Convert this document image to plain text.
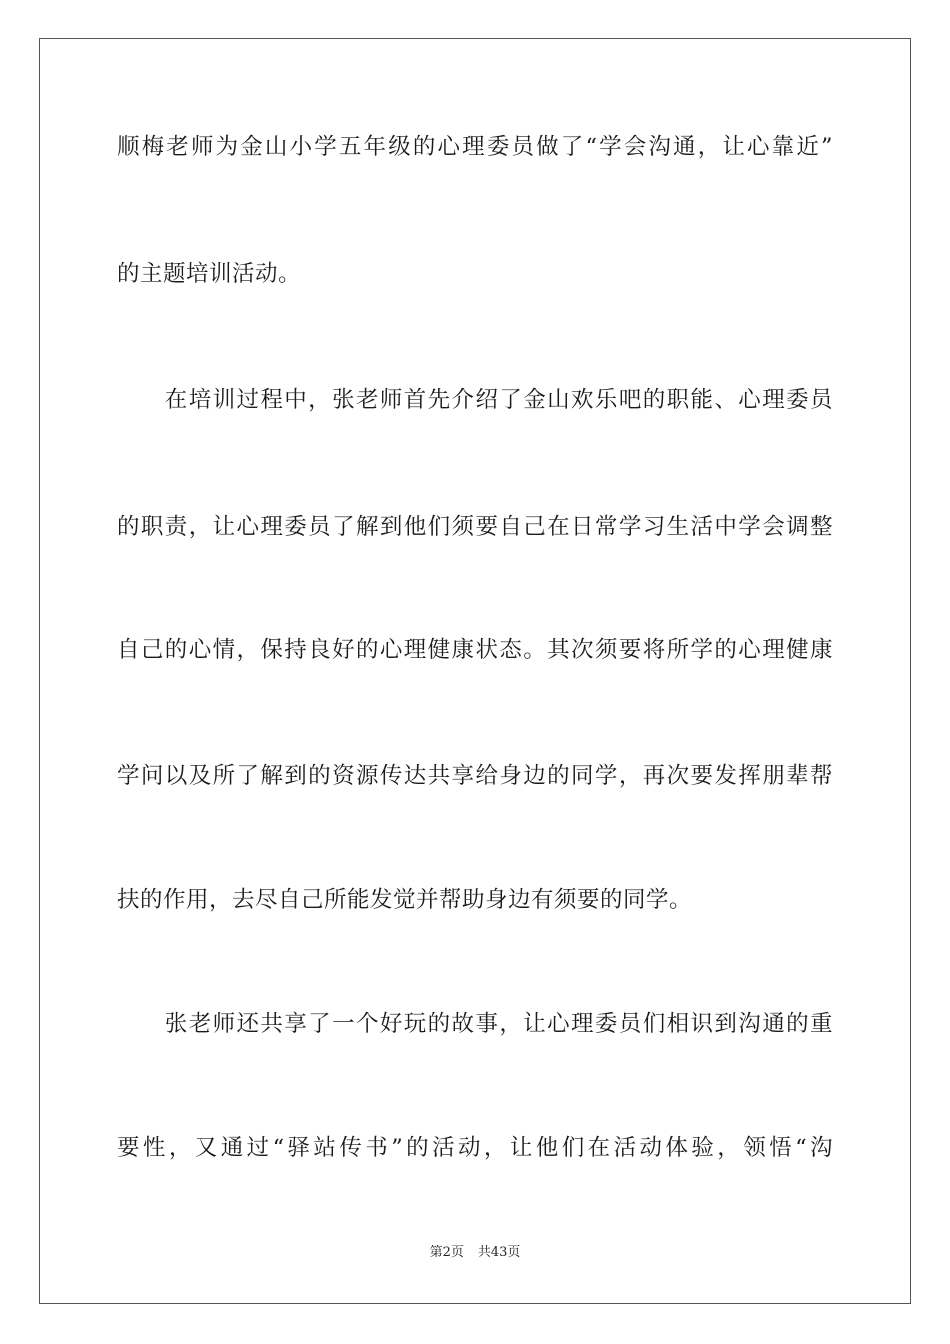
顺梅老师为金山小学五年级的心理委员做了“学会沟通，让心靠近”
的主题培训活动。
　　在培训过程中，张老师首先介绍了金山欢乐吧的职能、心理委员
的职责，让心理委员了解到他们须要自己在日常学习生活中学会调整
自己的心情，保持良好的心理健康状态。其次须要将所学的心理健康
学问以及所了解到的资源传达共享给身边的同学，再次要发挥朋辈帮
扶的作用，去尽自己所能发觉并帮助身边有须要的同学。
　　张老师还共享了一个好玩的故事，让心理委员们相识到沟通的重
要性，又通过“驿站传书”的活动，让他们在活动体验，领悟“沟
第2页 共43页
